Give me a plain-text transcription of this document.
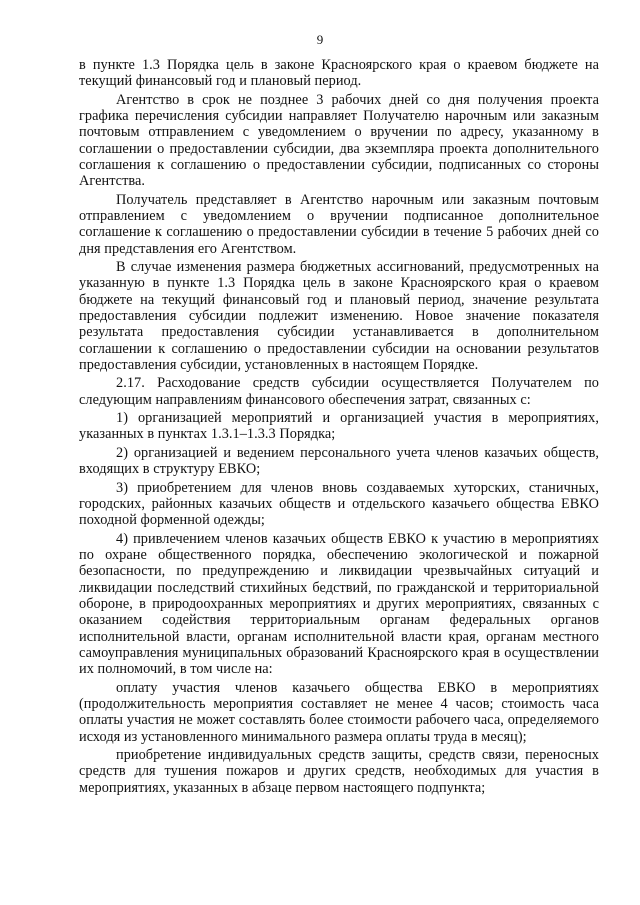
9

в пункте 1.3 Порядка цель в законе Красноярского края о краевом бюджете на текущий финансовый год и плановый период.

Агентство в срок не позднее 3 рабочих дней со дня получения проекта графика перечисления субсидии направляет Получателю нарочным или заказным почтовым отправлением с уведомлением о вручении по адресу, указанному в соглашении о предоставлении субсидии, два экземпляра проекта дополнительного соглашения к соглашению о предоставлении субсидии, подписанных со стороны Агентства.

Получатель представляет в Агентство нарочным или заказным почтовым отправлением с уведомлением о вручении подписанное дополнительное соглашение к соглашению о предоставлении субсидии в течение 5 рабочих дней со дня представления его Агентством.

В случае изменения размера бюджетных ассигнований, предусмотренных на указанную в пункте 1.3 Порядка цель в законе Красноярского края о краевом бюджете на текущий финансовый год и плановый период, значение результата предоставления субсидии подлежит изменению. Новое значение показателя результата предоставления субсидии устанавливается в дополнительном соглашении к соглашению о предоставлении субсидии на основании результатов предоставления субсидии, установленных в настоящем Порядке.

2.17. Расходование средств субсидии осуществляется Получателем по следующим направлениям финансового обеспечения затрат, связанных с:

1) организацией мероприятий и организацией участия в мероприятиях, указанных в пунктах 1.3.1–1.3.3 Порядка;

2) организацией и ведением персонального учета членов казачьих обществ, входящих в структуру ЕВКО;

3) приобретением для членов вновь создаваемых хуторских, станичных, городских, районных казачьих обществ и отдельского казачьего общества ЕВКО походной форменной одежды;

4) привлечением членов казачьих обществ ЕВКО к участию в мероприятиях по охране общественного порядка, обеспечению экологической и пожарной безопасности, по предупреждению и ликвидации чрезвычайных ситуаций и ликвидации последствий стихийных бедствий, по гражданской и территориальной обороне, в природоохранных мероприятиях и других мероприятиях, связанных с оказанием содействия территориальным органам федеральных органов исполнительной власти, органам исполнительной власти края, органам местного самоуправления муниципальных образований Красноярского края в осуществлении их полномочий, в том числе на:

оплату участия членов казачьего общества ЕВКО в мероприятиях (продолжительность мероприятия составляет не менее 4 часов; стоимость часа оплаты участия не может составлять более стоимости рабочего часа, определяемого исходя из установленного минимального размера оплаты труда в месяц);

приобретение индивидуальных средств защиты, средств связи, переносных средств для тушения пожаров и других средств, необходимых для участия в мероприятиях, указанных в абзаце первом настоящего подпункта;
